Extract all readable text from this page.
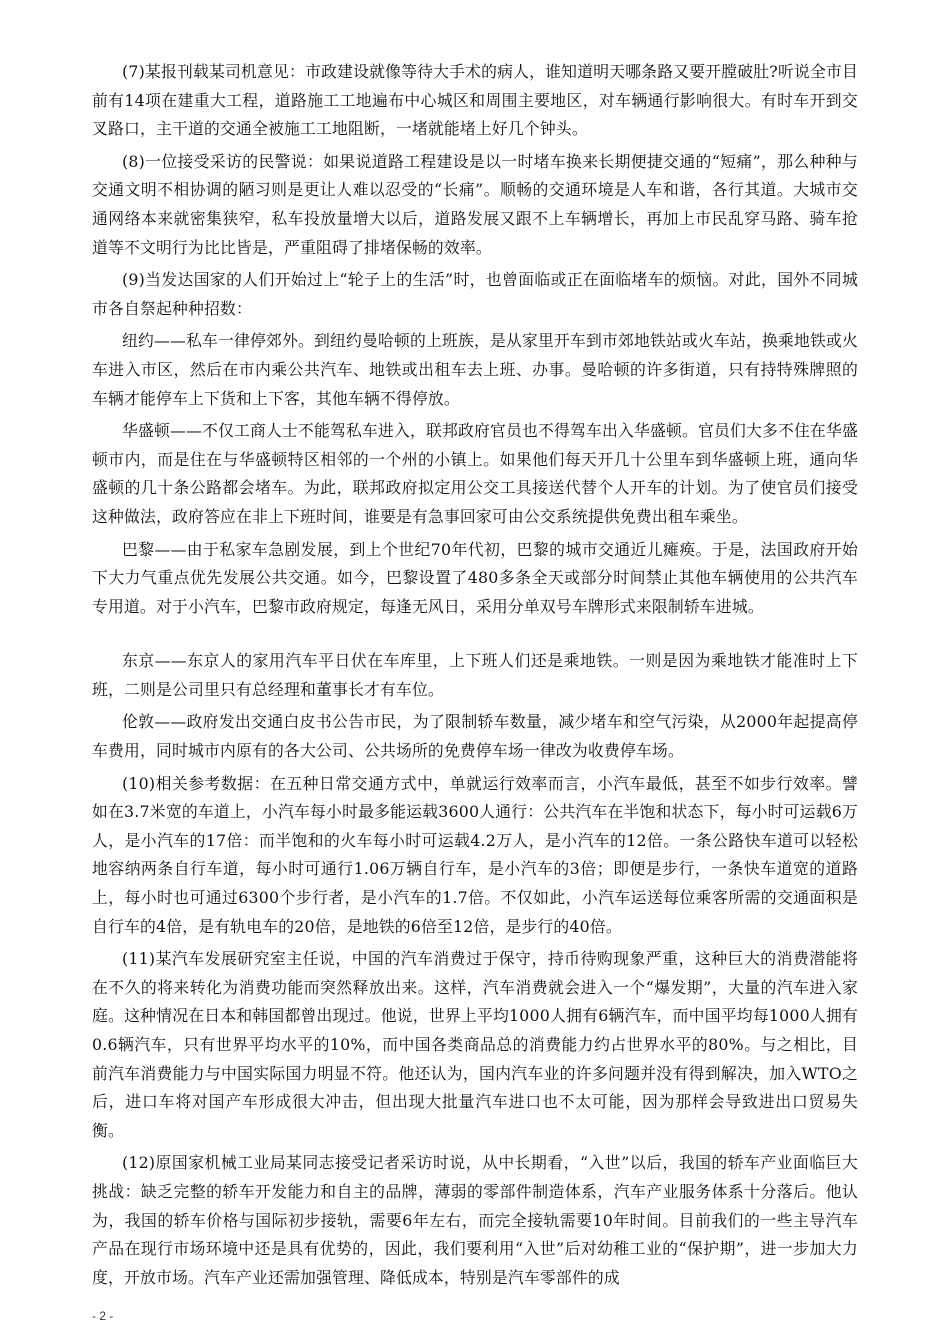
(7)某报刊载某司机意见：市政建设就像等待大手术的病人，谁知道明天哪条路又要开膛破肚?听说全市目前有14项在建重大工程，道路施工工地遍布中心城区和周围主要地区，对车辆通行影响很大。有时车开到交叉路口，主干道的交通全被施工工地阻断，一堵就能堵上好几个钟头。

(8)一位接受采访的民警说：如果说道路工程建设是以一时堵车换来长期便捷交通的“短痛”，那么种种与交通文明不相协调的陋习则是更让人难以忍受的“长痛”。顺畅的交通环境是人车和谐，各行其道。大城市交通网络本来就密集狭窄，私车投放量增大以后，道路发展又跟不上车辆增长，再加上市民乱穿马路、骑车抢道等不文明行为比比皆是，严重阻碍了排堵保畅的效率。

(9)当发达国家的人们开始过上“轮子上的生活”时，也曾面临或正在面临堵车的烦恼。对此，国外不同城市各自祭起种种招数：

纽约——私车一律停郊外。到纽约曼哈顿的上班族，是从家里开车到市郊地铁站或火车站，换乘地铁或火车进入市区，然后在市内乘公共汽车、地铁或出租车去上班、办事。曼哈顿的许多街道，只有持特殊牌照的车辆才能停车上下货和上下客，其他车辆不得停放。

华盛顿——不仅工商人士不能驾私车进入，联邦政府官员也不得驾车出入华盛顿。官员们大多不住在华盛顿市内，而是住在与华盛顿特区相邻的一个州的小镇上。如果他们每天开几十公里车到华盛顿上班，通向华盛顿的几十条公路都会堵车。为此，联邦政府拟定用公交工具接送代替个人开车的计划。为了使官员们接受这种做法，政府答应在非上下班时间，谁要是有急事回家可由公交系统提供免费出租车乘坐。

巴黎——由于私家车急剧发展，到上个世纪70年代初，巴黎的城市交通近儿瘫痪。于是，法国政府开始下大力气重点优先发展公共交通。如今，巴黎设置了480多条全天或部分时间禁止其他车辆使用的公共汽车专用道。对于小汽车，巴黎市政府规定，每逢无风日，采用分单双号车牌形式来限制轿车进城。

东京——东京人的家用汽车平日伏在车库里，上下班人们还是乘地铁。一则是因为乘地铁才能准时上下班，二则是公司里只有总经理和董事长才有车位。

伦敦——政府发出交通白皮书公告市民，为了限制轿车数量，减少堵车和空气污染，从2000年起提高停车费用，同时城市内原有的各大公司、公共场所的免费停车场一律改为收费停车场。

(10)相关参考数据：在五种日常交通方式中，单就运行效率而言，小汽车最低，甚至不如步行效率。譬如在3.7米宽的车道上，小汽车每小时最多能运载3600人通行：公共汽车在半饱和状态下，每小时可运载6万人，是小汽车的17倍：而半饱和的火车每小时可运载4.2万人，是小汽车的12倍。一条公路快车道可以轻松地容纳两条自行车道，每小时可通行1.06万辆自行车，是小汽车的3倍；即便是步行，一条快车道宽的道路上，每小时也可通过6300个步行者，是小汽车的1.7倍。不仅如此，小汽车运送每位乘客所需的交通面积是自行车的4倍，是有轨电车的20倍，是地铁的6倍至12倍，是步行的40倍。

(11)某汽车发展研究室主任说，中国的汽车消费过于保守，持币待购现象严重，这种巨大的消费潜能将在不久的将来转化为消费功能而突然释放出来。这样，汽车消费就会进入一个“爆发期”，大量的汽车进入家庭。这种情况在日本和韩国都曾出现过。他说，世界上平均1000人拥有6辆汽车，而中国平均每1000人拥有0.6辆汽车，只有世界平均水平的10%，而中国各类商品总的消费能力约占世界水平的80%。与之相比，目前汽车消费能力与中国实际国力明显不符。他还认为，国内汽车业的许多问题并没有得到解决，加入WTO之后，进口车将对国产车形成很大冲击，但出现大批量汽车进口也不太可能，因为那样会导致进出口贸易失衡。

(12)原国家机械工业局某同志接受记者采访时说，从中长期看，“入世”以后，我国的轿车产业面临巨大挑战：缺乏完整的轿车开发能力和自主的品牌，薄弱的零部件制造体系，汽车产业服务体系十分落后。他认为，我国的轿车价格与国际初步接轨，需要6年左右，而完全接轨需要10年时间。目前我们的一些主导汽车产品在现行市场环境中还是具有优势的，因此，我们要利用“入世”后对幼稚工业的“保护期”，进一步加大力度，开放市场。汽车产业还需加强管理、降低成本，特别是汽车零部件的成

- 2 -
